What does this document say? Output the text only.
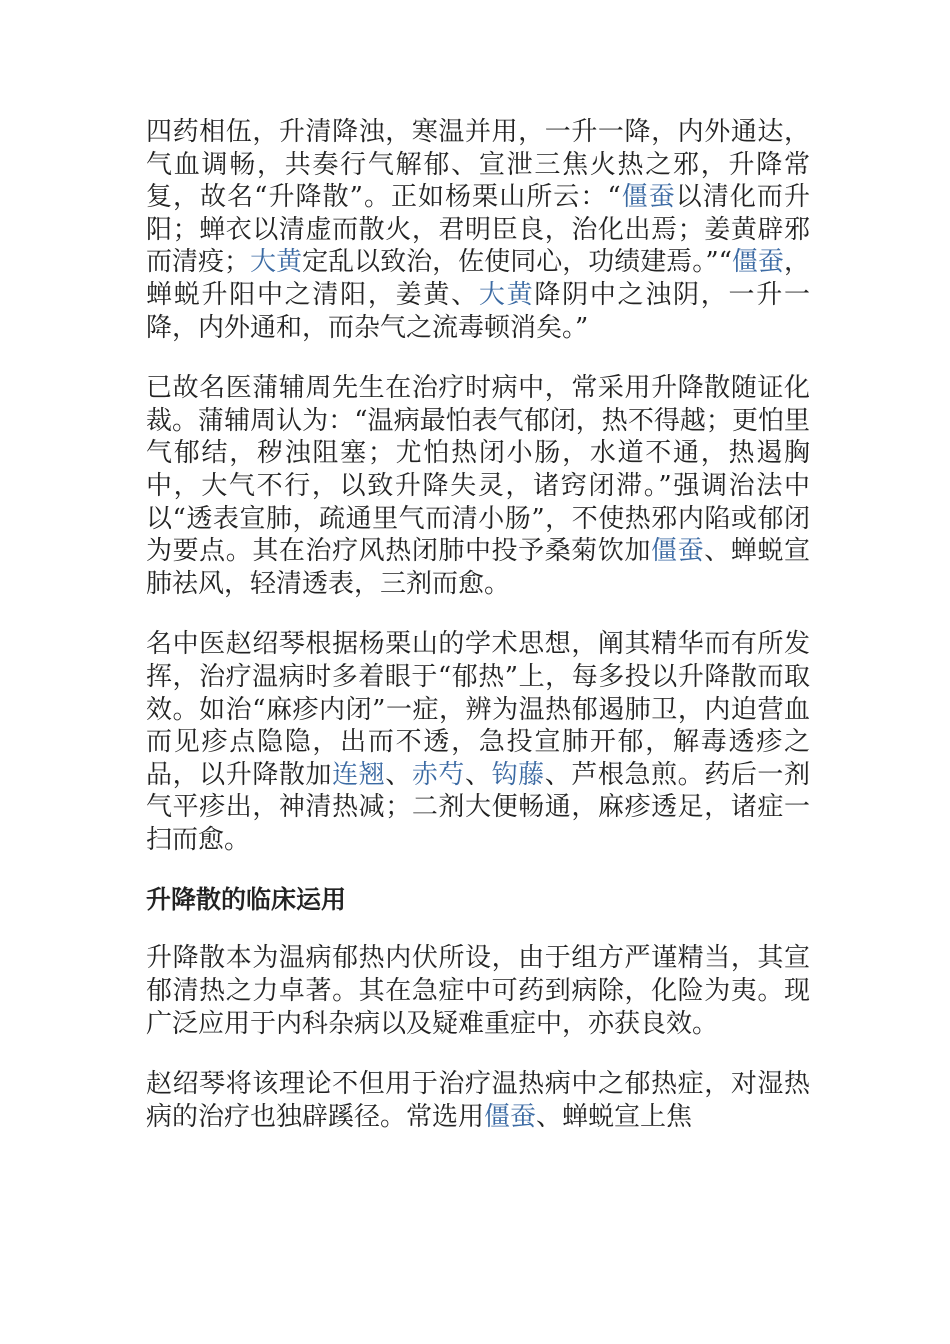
四药相伍，升清降浊，寒温并用，一升一降，内外通达，气血调畅，共奏行气解郁、宣泄三焦火热之邪，升降常复，故名“升降散”。正如杨栗山所云：“僵蚕以清化而升阳；蝉衣以清虚而散火，君明臣良，治化出焉；姜黄辟邪而清疫；大黄定乱以致治，佐使同心，功绩建焉。”“僵蚕，蝉蜕升阳中之清阳，姜黄、大黄降阴中之浊阴，一升一降，内外通和，而杂气之流毒顿消矣。”

已故名医蒲辅周先生在治疗时病中，常采用升降散随证化裁。蒲辅周认为：“温病最怕表气郁闭，热不得越；更怕里气郁结，秽浊阻塞；尤怕热闭小肠，水道不通，热遏胸中，大气不行，以致升降失灵，诸窍闭滞。”强调治法中以“透表宣肺，疏通里气而清小肠”，不使热邪内陷或郁闭为要点。其在治疗风热闭肺中投予桑菊饮加僵蚕、蝉蜕宣肺祛风，轻清透表，三剂而愈。

名中医赵绍琴根据杨栗山的学术思想，阐其精华而有所发挥，治疗温病时多着眼于“郁热”上，每多投以升降散而取效。如治“麻疹内闭”一症，辨为温热郁遏肺卫，内迫营血而见疹点隐隐，出而不透，急投宣肺开郁，解毒透疹之品，以升降散加连翘、赤芍、钩藤、芦根急煎。药后一剂气平疹出，神清热减；二剂大便畅通，麻疹透足，诸症一扫而愈。

升降散的临床运用

升降散本为温病郁热内伏所设，由于组方严谨精当，其宣郁清热之力卓著。其在急症中可药到病除，化险为夷。现广泛应用于内科杂病以及疑难重症中，亦获良效。

赵绍琴将该理论不但用于治疗温热病中之郁热症，对湿热病的治疗也独辟蹊径。常选用僵蚕、蝉蜕宣上焦
